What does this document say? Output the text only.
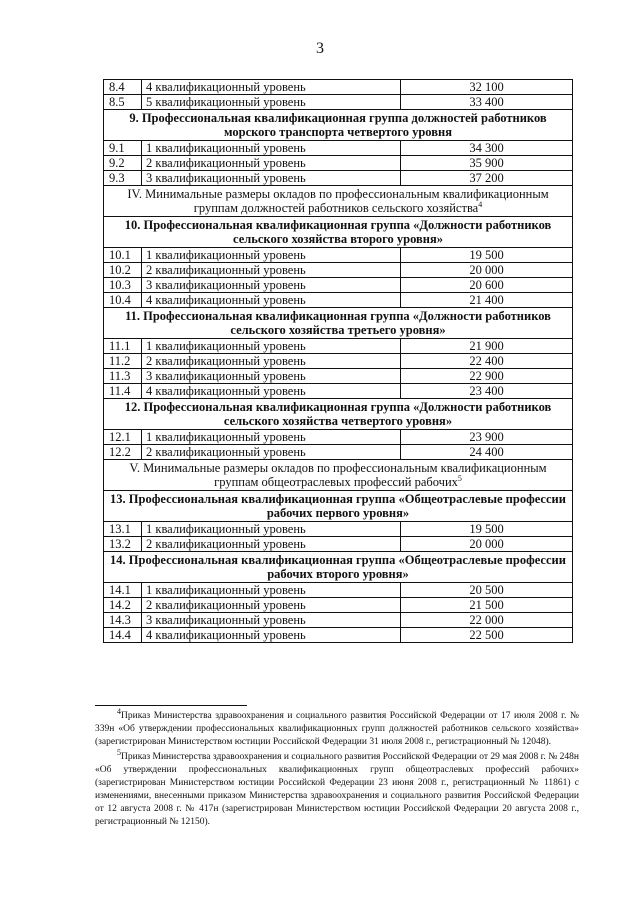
3
8.4	4 квалификационный уровень	32 100
8.5	5 квалификационный уровень	33 400
9. Профессиональная квалификационная группа должностей работников морского транспорта четвертого уровня		
9.1	1 квалификационный уровень	34 300
9.2	2 квалификационный уровень	35 900
9.3	3 квалификационный уровень	37 200
IV. Минимальные размеры окладов по профессиональным квалификационным группам должностей работников сельского хозяйства$^4$
10. Профессиональная квалификационная группа «Должности работников сельского хозяйства второго уровня»		
10.1	1 квалификационный уровень	19 500
10.2	2 квалификационный уровень	20 000
10.3	3 квалификационный уровень	20 600
10.4	4 квалификационный уровень	21 400
11. Профессиональная квалификационная группа «Должности работников сельского хозяйства третьего уровня»		
11.1	1 квалификационный уровень	21 900
11.2	2 квалификационный уровень	22 400
11.3	3 квалификационный уровень	22 900
11.4	4 квалификационный уровень	23 400
12. Профессиональная квалификационная группа «Должности работников сельского хозяйства четвертого уровня»		
12.1	1 квалификационный уровень	23 900
12.2	2 квалификационный уровень	24 400
V. Минимальные размеры окладов по профессиональным квалификационным группам общеотраслевых профессий рабочих$^5$
13. Профессиональная квалификационная группа «Общеотраслевые профессии рабочих первого уровня»		
13.1	1 квалификационный уровень	19 500
13.2	2 квалификационный уровень	20 000
14. Профессиональная квалификационная группа «Общеотраслевые профессии рабочих второго уровня»		
14.1	1 квалификационный уровень	20 500
14.2	2 квалификационный уровень	21 500
14.3	3 квалификационный уровень	22 000
14.4	4 квалификационный уровень	22 500

$^4$Приказ Министерства здравоохранения и социального развития Российской Федерации от 17 июля 2008 г. № 339н «Об утверждении профессиональных квалификационных групп должностей работников сельского хозяйства» (зарегистрирован Министерством юстиции Российской Федерации 31 июля 2008 г., регистрационный № 12048).

$^5$Приказ Министерства здравоохранения и социального развития Российской Федерации от 29 мая 2008 г. № 248н «Об утверждении профессиональных квалификационных групп общеотраслевых профессий рабочих» (зарегистрирован Министерством юстиции Российской Федерации 23 июня 2008 г., регистрационный № 11861) с изменениями, внесенными приказом Министерства здравоохранения и социального развития Российской Федерации от 12 августа 2008 г. № 417н (зарегистрирован Министерством юстиции Российской Федерации 20 августа 2008 г., регистрационный № 12150).
